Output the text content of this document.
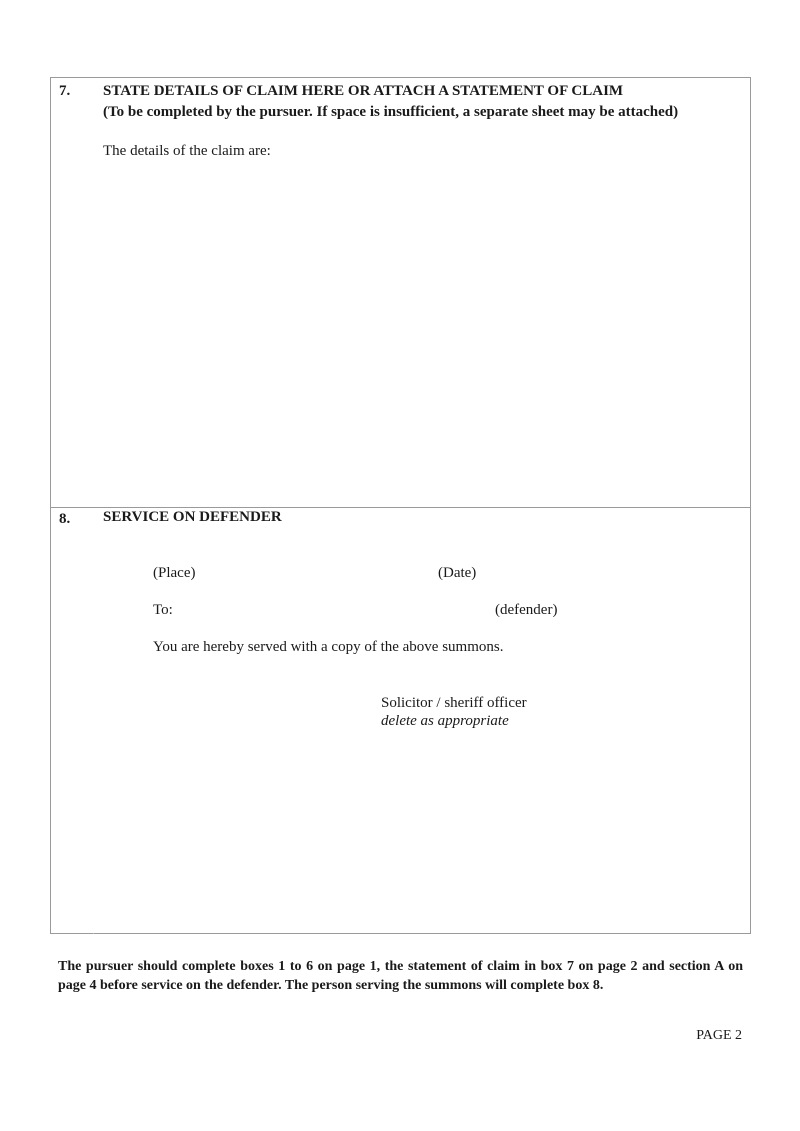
7. STATE DETAILS OF CLAIM HERE OR ATTACH A STATEMENT OF CLAIM
(To be completed by the pursuer. If space is insufficient, a separate sheet may be attached)
The details of the claim are:
8. SERVICE ON DEFENDER
(Place)	(Date)
To:	(defender)
You are hereby served with a copy of the above summons.
Solicitor / sheriff officer
delete as appropriate
The pursuer should complete boxes 1 to 6 on page 1, the statement of claim in box 7 on page 2 and section A on page 4 before service on the defender. The person serving the summons will complete box 8.
PAGE 2
